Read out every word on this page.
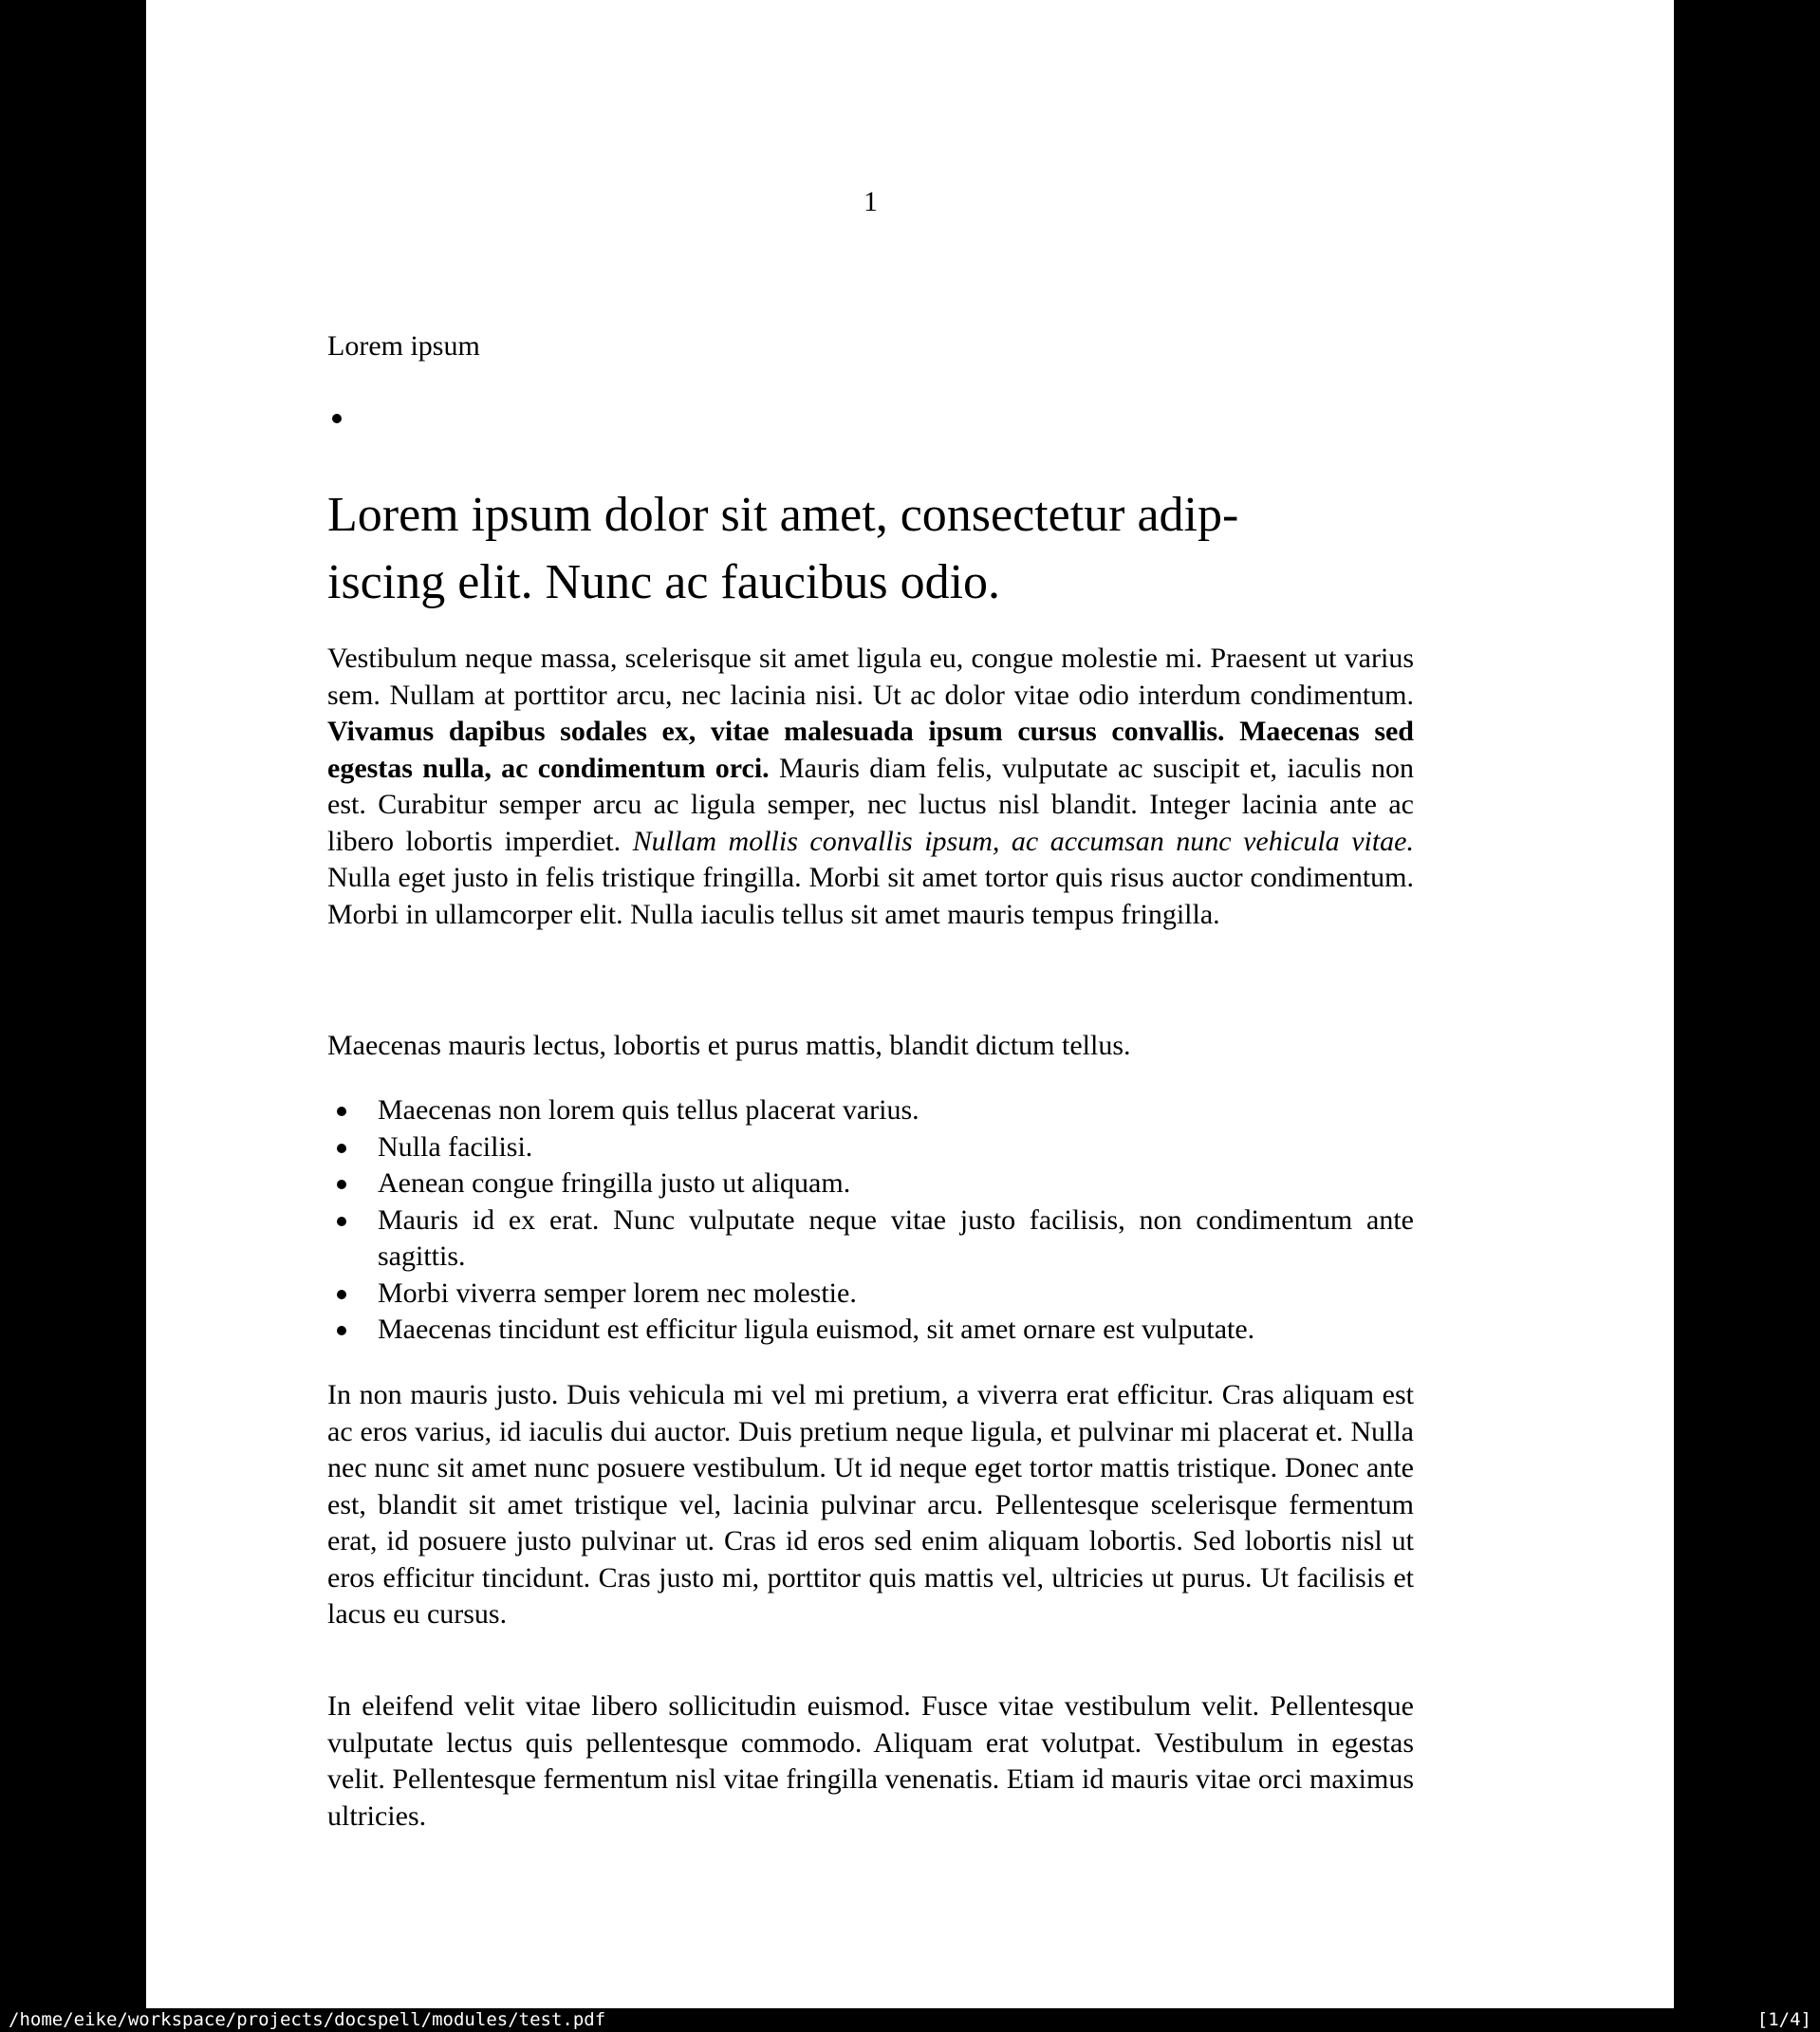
1
Lorem ipsum
Lorem ipsum dolor sit amet, consectetur adip-
iscing elit. Nunc ac faucibus odio.

Vestibulum neque massa, scelerisque sit amet ligula eu, congue molestie mi. Praesent ut varius sem. Nullam at porttitor arcu, nec lacinia nisi. Ut ac dolor vitae odio interdum condimentum. Vivamus dapibus sodales ex, vitae malesuada ipsum cursus convallis. Maecenas sed egestas nulla, ac condimentum orci. Mauris diam felis, vulputate ac suscipit et, iaculis non est. Curabitur semper arcu ac ligula semper, nec luctus nisl blandit. Integer lacinia ante ac libero lobortis imperdiet. Nullam mollis convallis ipsum, ac accumsan nunc vehicula vitae. Nulla eget justo in felis tristique fringilla. Morbi sit amet tortor quis risus auctor condimentum. Morbi in ullamcorper elit. Nulla iaculis tellus sit amet mauris tempus fringilla.

Maecenas mauris lectus, lobortis et purus mattis, blandit dictum tellus.

Maecenas non lorem quis tellus placerat varius.
Nulla facilisi.
Aenean congue fringilla justo ut aliquam.
Mauris id ex erat. Nunc vulputate neque vitae justo facilisis, non condimentum ante sagittis.
Morbi viverra semper lorem nec molestie.
Maecenas tincidunt est efficitur ligula euismod, sit amet ornare est vulputate.

In non mauris justo. Duis vehicula mi vel mi pretium, a viverra erat efficitur. Cras aliquam est ac eros varius, id iaculis dui auctor. Duis pretium neque ligula, et pulvinar mi placerat et. Nulla nec nunc sit amet nunc posuere vestibulum. Ut id neque eget tortor mattis tristique. Donec ante est, blandit sit amet tristique vel, lacinia pulvinar arcu. Pellentesque scelerisque fermentum erat, id posuere justo pulvinar ut. Cras id eros sed enim aliquam lobortis. Sed lobortis nisl ut eros efficitur tincidunt. Cras justo mi, porttitor quis mattis vel, ultricies ut purus. Ut facilisis et lacus eu cursus.

In eleifend velit vitae libero sollicitudin euismod. Fusce vitae vestibulum velit. Pellentesque vulputate lectus quis pellentesque commodo. Aliquam erat volutpat. Vestibulum in egestas velit. Pellentesque fermentum nisl vitae fringilla venenatis. Etiam id mauris vitae orci maximus ultricies.

/home/eike/workspace/projects/docspell/modules/test.pdf	[1/4]
